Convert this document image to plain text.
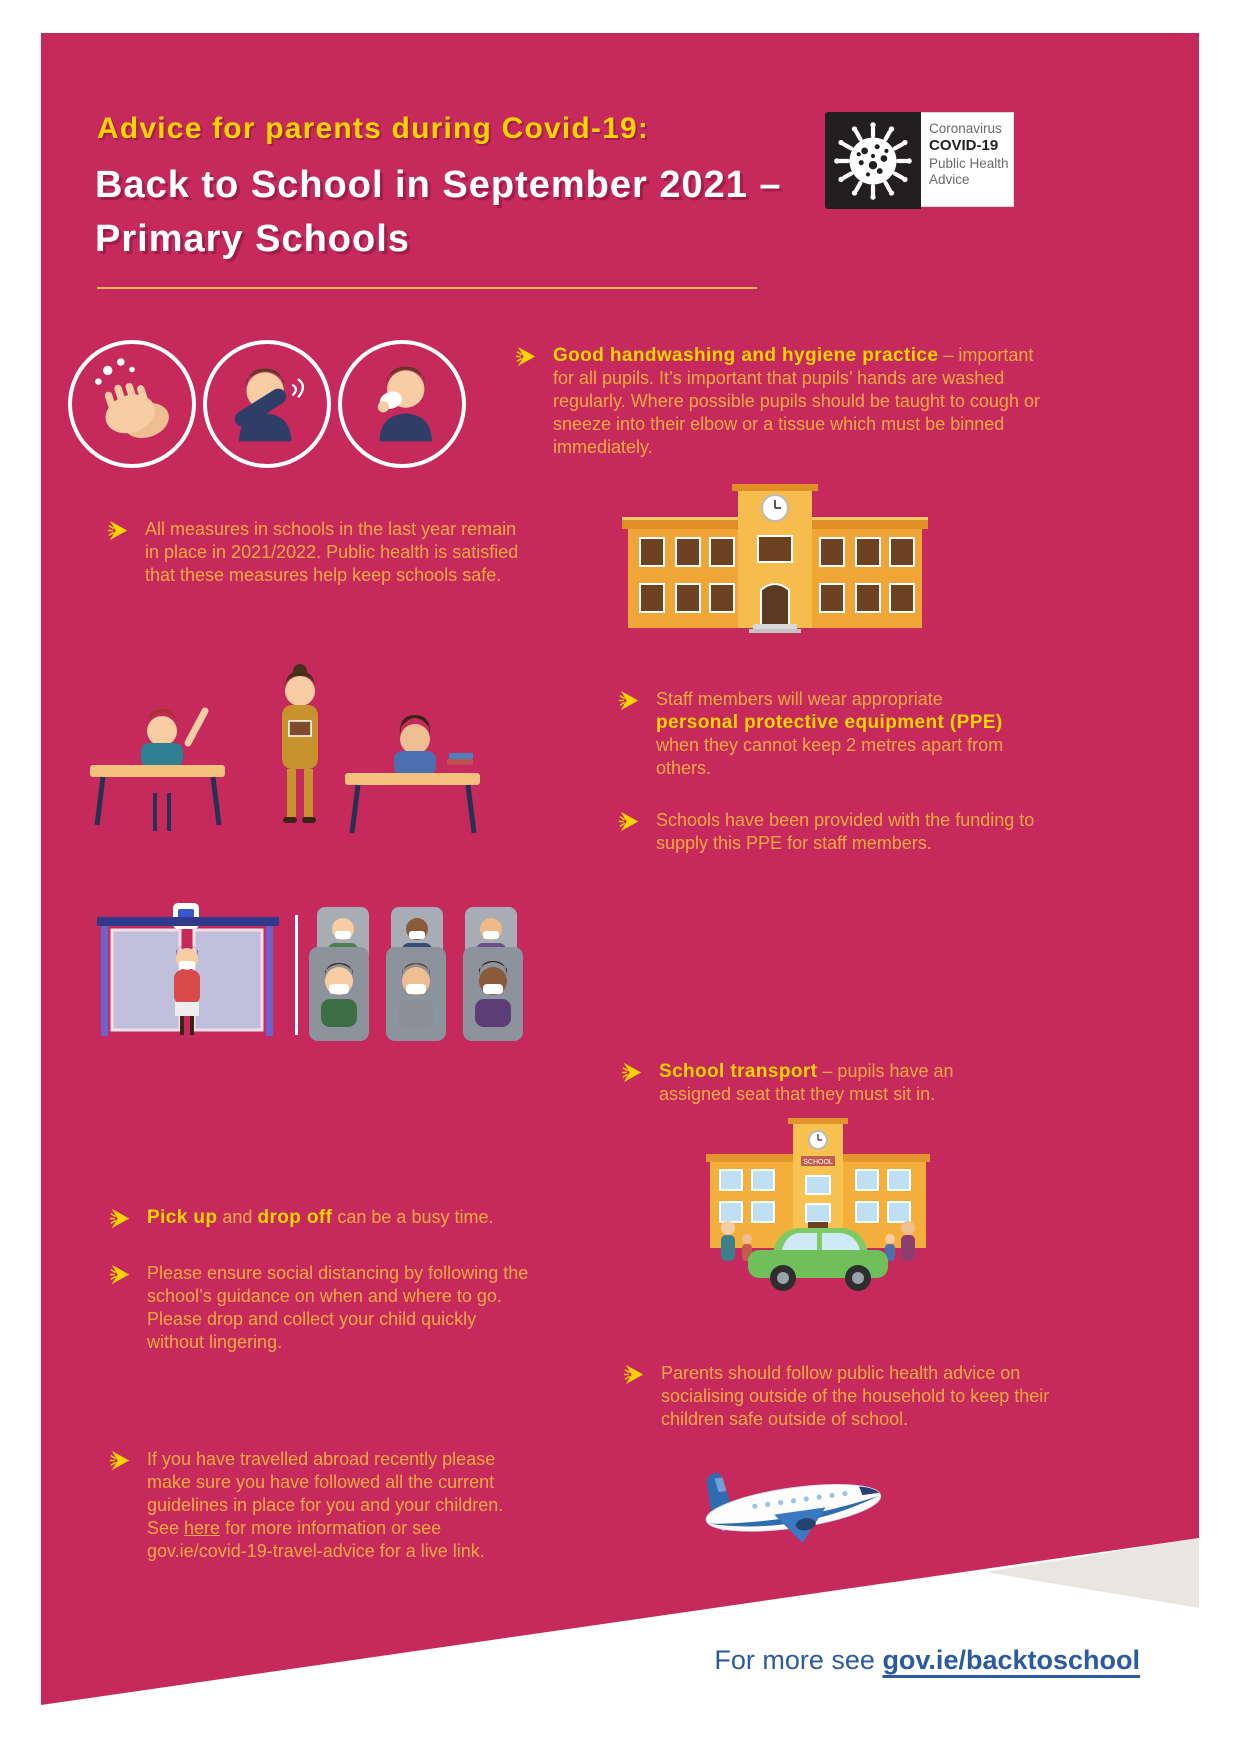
Advice for parents during Covid-19:
Back to School in September 2021 –
Primary Schools
Coronavirus
COVID-19
Public Health
Advice

Good handwashing and hygiene practice – important for all pupils. It’s important that pupils’ hands are washed regularly. Where possible pupils should be taught to cough or sneeze into their elbow or a tissue which must be binned immediately.

All measures in schools in the last year remain in place in 2021/2022. Public health is satisfied that these measures help keep schools safe.

Staff members will wear appropriate personal protective equipment (PPE) when they cannot keep 2 metres apart from others.

Schools have been provided with the funding to supply this PPE for staff members.

School transport – pupils have an assigned seat that they must sit in.

SCHOOL

Pick up and drop off can be a busy time.

Please ensure social distancing by following the school’s guidance on when and where to go. Please drop and collect your child quickly without lingering.

Parents should follow public health advice on socialising outside of the household to keep their children safe outside of school.

If you have travelled abroad recently please make sure you have followed all the current guidelines in place for you and your children. See here for more information or see gov.ie/covid-19-travel-advice for a live link.

For more see gov.ie/backtoschool
